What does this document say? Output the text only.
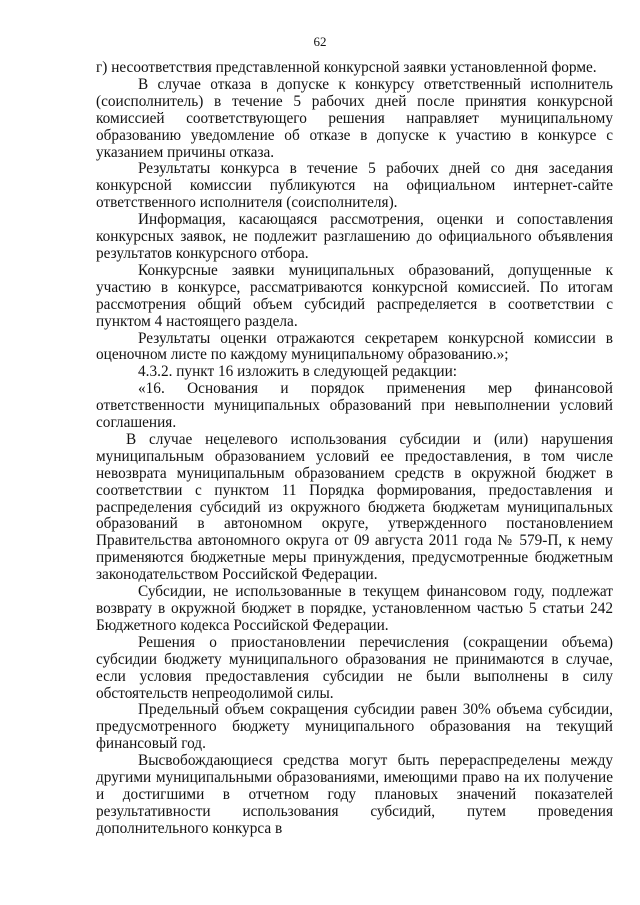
62

г) несоответствия представленной конкурсной заявки установленной форме.

В случае отказа в допуске к конкурсу ответственный исполнитель (соисполнитель) в течение 5 рабочих дней после принятия конкурсной комиссией соответствующего решения направляет муниципальному образованию уведомление об отказе в допуске к участию в конкурсе с указанием причины отказа.

Результаты конкурса в течение 5 рабочих дней со дня заседания конкурсной комиссии публикуются на официальном интернет-сайте ответственного исполнителя (соисполнителя).

Информация, касающаяся рассмотрения, оценки и сопоставления конкурсных заявок, не подлежит разглашению до официального объявления результатов конкурсного отбора.

Конкурсные заявки муниципальных образований, допущенные к участию в конкурсе, рассматриваются конкурсной комиссией. По итогам рассмотрения общий объем субсидий распределяется в соответствии с пунктом 4 настоящего раздела.

Результаты оценки отражаются секретарем конкурсной комиссии в оценочном листе по каждому муниципальному образованию.»;

4.3.2. пункт 16 изложить в следующей редакции:

«16. Основания и порядок применения мер финансовой ответственности муниципальных образований при невыполнении условий соглашения.

В случае нецелевого использования субсидии и (или) нарушения муниципальным образованием условий ее предоставления, в том числе невозврата муниципальным образованием средств в окружной бюджет в соответствии с пунктом 11 Порядка формирования, предоставления и распределения субсидий из окружного бюджета бюджетам муниципальных образований в автономном округе, утвержденного постановлением Правительства автономного округа от 09 августа 2011 года № 579-П, к нему применяются бюджетные меры принуждения, предусмотренные бюджетным законодательством Российской Федерации.

Субсидии, не использованные в текущем финансовом году, подлежат возврату в окружной бюджет в порядке, установленном частью 5 статьи 242 Бюджетного кодекса Российской Федерации.

Решения о приостановлении перечисления (сокращении объема) субсидии бюджету муниципального образования не принимаются в случае, если условия предоставления субсидии не были выполнены в силу обстоятельств непреодолимой силы.

Предельный объем сокращения субсидии равен 30% объема субсидии, предусмотренного бюджету муниципального образования на текущий финансовый год.

Высвобождающиеся средства могут быть перераспределены между другими муниципальными образованиями, имеющими право на их получение и достигшими в отчетном году плановых значений показателей результативности использования субсидий, путем проведения дополнительного конкурса в
